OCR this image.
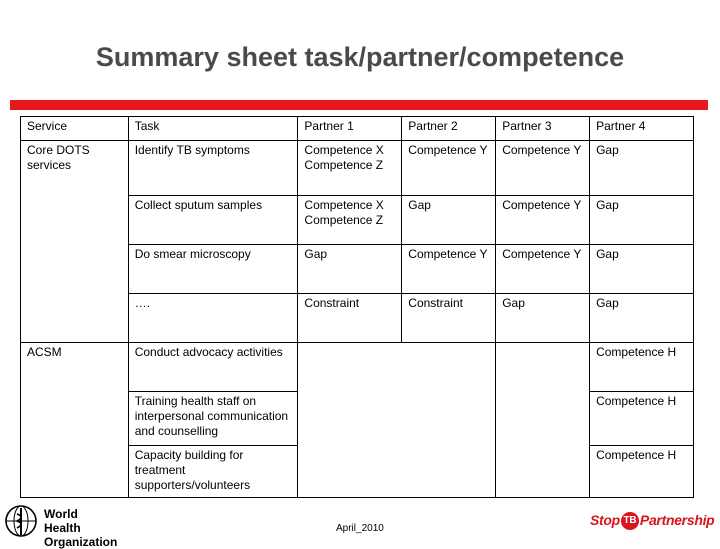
Summary sheet task/partner/competence
Service	Task	Partner 1	Partner 2	Partner 3	Partner 4
Core DOTS services	Identify TB symptoms	Competence X Competence Z	Competence Y	Competence Y	Gap
	Collect sputum samples	Competence X Competence Z	Gap	Competence Y	Gap
	Do smear microscopy	Gap	Competence Y	Competence Y	Gap
	….	Constraint	Constraint	Gap	Gap
ACSM	Conduct advocacy activities				Competence H
	Training health staff on interpersonal communication and counselling				Competence H
	Capacity building for treatment supporters/volunteers				Competence H
World Health
Organization
April_2010
Stop TB Partnership
